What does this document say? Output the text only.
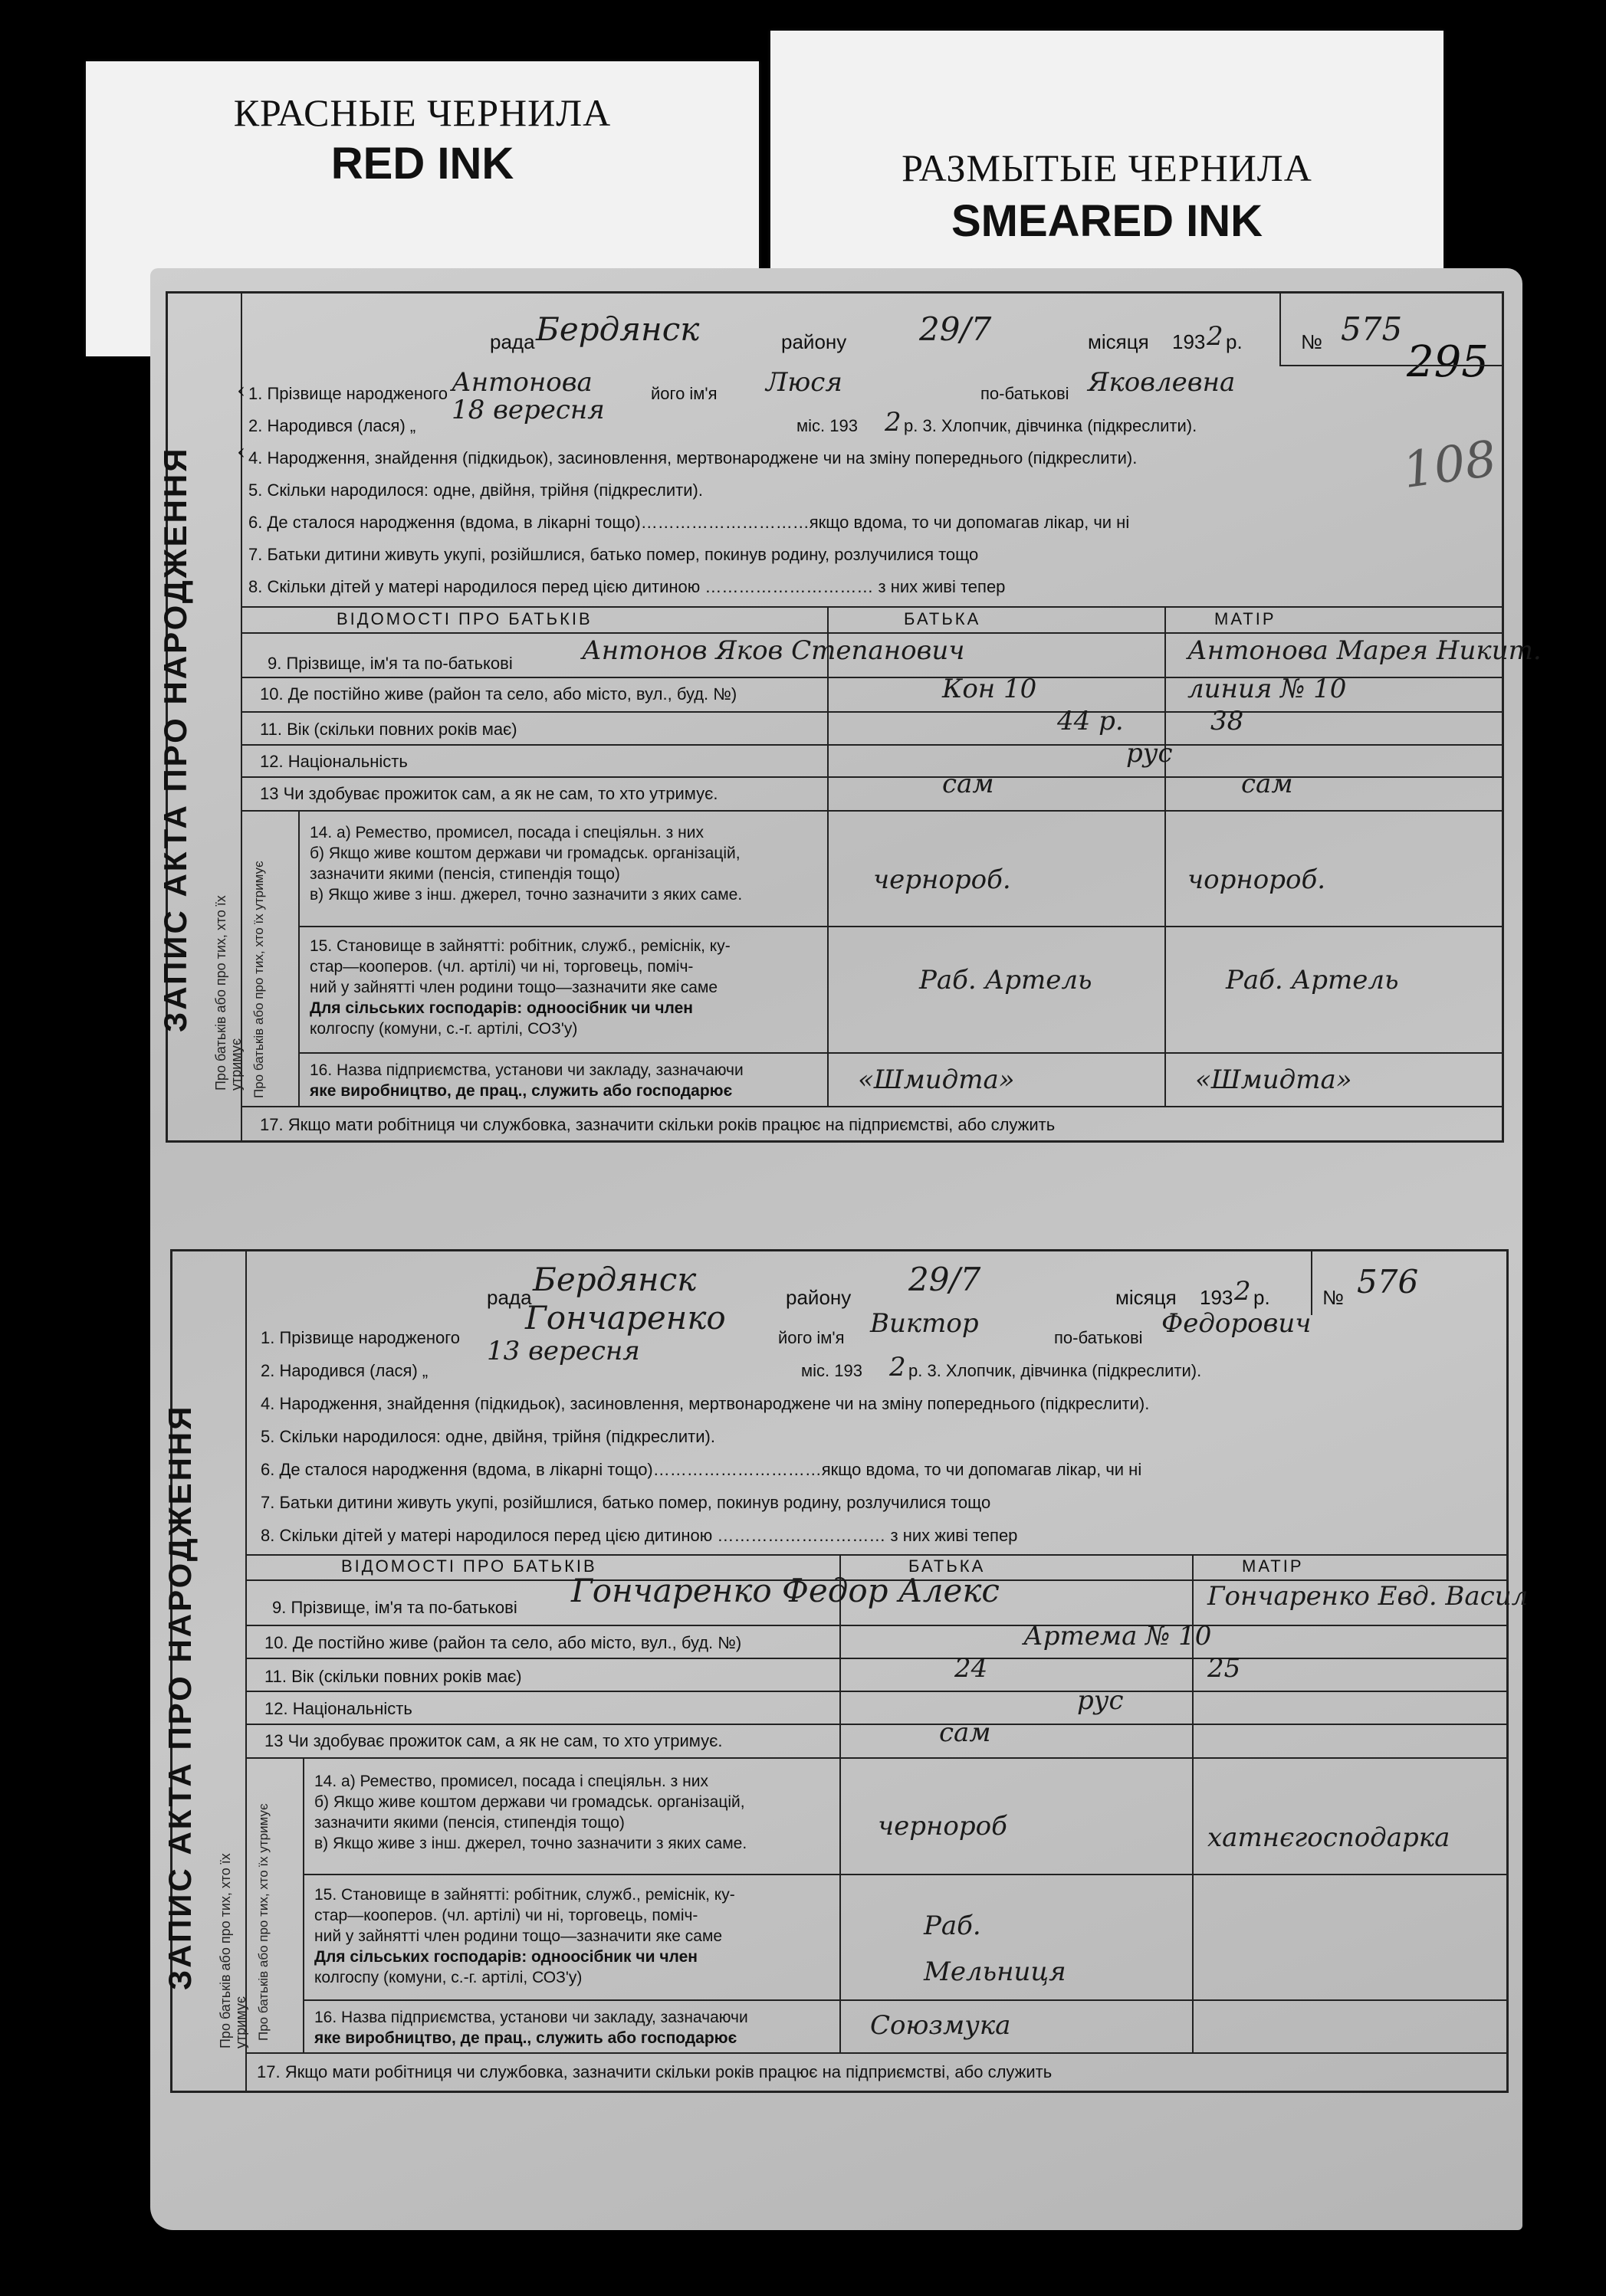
КРАСНЫЕ ЧЕРНИЛА
RED INK	РАЗМЫТЫЕ ЧЕРНИЛА
SMEARED INK
295
108
ЗАПИС АКТА ПРО НАРОДЖЕННЯ Про батьків або про тих, хто їх утримує
рада Бердянск	району 29/7	місяця 193 2 р.	№ 575
1. Прізвище народженого Антонова	його ім'я Люся	по-батькові Яковлевна
2. Народився (лася) „
18 вересня
міс. 193 2 р. 3. Хлопчик, дівчинка (підкреслити).
4. Народження, знайдення (підкидьок), засиновлення, мертвонароджене чи на зміну попереднього (підкреслити).
5. Скільки народилося: одне, двійня, трійня (підкреслити).
6. Де сталося народження (вдома, в лікарні тощо)…………………………якщо вдома, то чи допомагав лікар, чи ні
7. Батьки дитини живуть укупі, розійшлися, батько помер, покинув родину, розлучилися тощо
8. Скільки дітей у матері народилося перед цією дитиною ………………………… з них живі тепер
‹
‹
ВІДОМОСТІ ПРО БАТЬКІВ	БАТЬКА	МАТІР
9. Прізвище, ім'я та по-батькові	Антонов Яков Степанович	Антонова Марея Никит.
10. Де постійно живе (район та село, або місто, вул., буд. №)	Кон 10	линия № 10
11. Вік (скільки повних років має)	44 р.	38
12. Національність	рус
13 Чи здобуває прожиток сам, а як не сам, то хто утримує.	сам	сам
Про батьків або про тих, хто їх утримує
14. а) Ремество, промисел, посада і спеціяльн. з них
б) Якщо живе коштом держави чи громадськ. організацій,
зазначити якими (пенсія, стипендія тощо)
в) Якщо живе з інш. джерел, точно зазначити з яких саме.	чернороб.	чорнороб.
15. Становище в зайнятті: робітник, служб., реміснік, ку-
стар—кооперов. (чл. артілі) чи ні, торговець, поміч-
ний у зайнятті член родини тощо—зазначити яке саме
Для сільських господарів: одноосібник чи член
колгоспу (комуни, с.-г. артілі, СОЗ'у)
Раб. Артель	Раб. Артель
16. Назва підприємства, установи чи закладу, зазначаючи
яке виробництво, де прац., служить або господарює	«Шмидта»	«Шмидта»
17. Якщо мати робітниця чи службовка, зазначити скільки років працює на підприємстві, або служить
ЗАПИС АКТА ПРО НАРОДЖЕННЯ Про батьків або про тих, хто їх утримує
рада Бердянск	району 29/7	місяця 193 2 р.	№ 576
1. Прізвище народженого
Гончаренко
його ім'я Виктор	по-батькові Федорович
2. Народився (лася) „
13 вересня
міс. 193 2 р. 3. Хлопчик, дівчинка (підкреслити).
4. Народження, знайдення (підкидьок), засиновлення, мертвонароджене чи на зміну попереднього (підкреслити).
5. Скільки народилося: одне, двійня, трійня (підкреслити).
6. Де сталося народження (вдома, в лікарні тощо)…………………………якщо вдома, то чи допомагав лікар, чи ні
7. Батьки дитини живуть укупі, розійшлися, батько помер, покинув родину, розлучилися тощо
8. Скільки дітей у матері народилося перед цією дитиною ………………………… з них живі тепер
ВІДОМОСТІ ПРО БАТЬКІВ	БАТЬКА	МАТІР
9. Прізвище, ім'я та по-батькові Гончаренко Федор Алекс	Гончаренко Евд. Васил
10. Де постійно живе (район та село, або місто, вул., буд. №)	Артема № 10
11. Вік (скільки повних років має)	24	25
12. Національність	рус
13 Чи здобуває прожиток сам, а як не сам, то хто утримує.	сам
Про батьків або про тих, хто їх утримує
14. а) Ремество, промисел, посада і спеціяльн. з них
б) Якщо живе коштом держави чи громадськ. організацій,
зазначити якими (пенсія, стипендія тощо)
в) Якщо живе з інш. джерел, точно зазначити з яких саме.
чернороб	хатнєгосподарка
15. Становище в зайнятті: робітник, служб., реміснік, ку-
стар—кооперов. (чл. артілі) чи ні, торговець, поміч-
ний у зайнятті член родини тощо—зазначити яке саме
Для сільських господарів: одноосібник чи член
колгоспу (комуни, с.-г. артілі, СОЗ'у)
Раб. Мельниця
16. Назва підприємства, установи чи закладу, зазначаючи
яке виробництво, де прац., служить або господарює	Союзмука
17. Якщо мати робітниця чи службовка, зазначити скільки років працює на підприємстві, або служить
